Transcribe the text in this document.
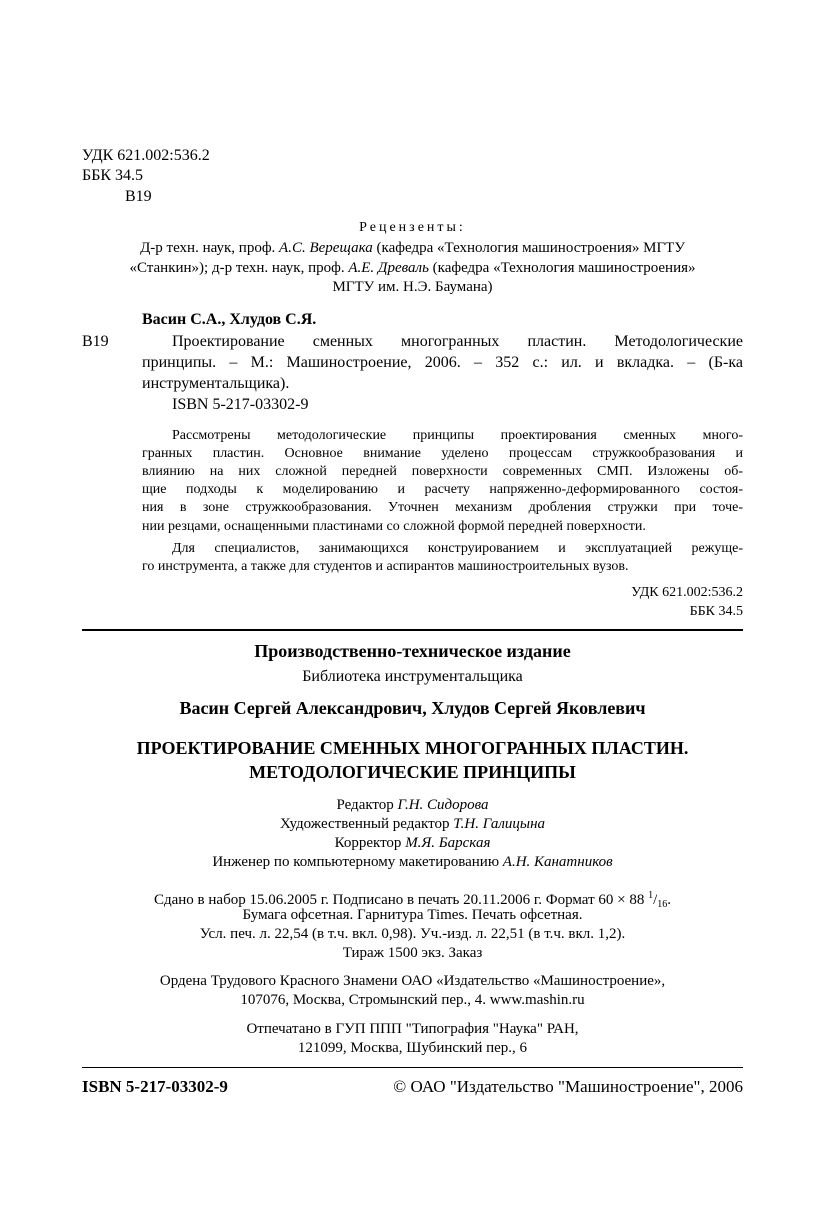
УДК 621.002:536.2
ББК 34.5
В19
Рецензенты:
Д-р техн. наук, проф. А.С. Верещака (кафедра «Технология машиностроения» МГТУ
«Станкин»); д-р техн. наук, проф. А.Е. Древаль (кафедра «Технология машиностроения»
МГТУ им. Н.Э. Баумана)
Васин С.А., Хлудов С.Я.
В19	Проектирование сменных многогранных пластин. Методологические
принципы. – М.: Машиностроение, 2006. – 352 с.: ил. и вкладка. – (Б-ка
инструментальщика).
ISBN 5-217-03302-9
Рассмотрены методологические принципы проектирования сменных много-
гранных пластин. Основное внимание уделено процессам стружкообразования и
влиянию на них сложной передней поверхности современных СМП. Изложены об-
щие подходы к моделированию и расчету напряженно-деформированного состоя-
ния в зоне стружкообразования. Уточнен механизм дробления стружки при точе-
нии резцами, оснащенными пластинами со сложной формой передней поверхности.
Для специалистов, занимающихся конструированием и эксплуатацией режуще-
го инструмента, а также для студентов и аспирантов машиностроительных вузов.
УДК 621.002:536.2
ББК 34.5
Производственно-техническое издание
Библиотека инструментальщика
Васин Сергей Александрович, Хлудов Сергей Яковлевич
ПРОЕКТИРОВАНИЕ СМЕННЫХ МНОГОГРАННЫХ ПЛАСТИН.
МЕТОДОЛОГИЧЕСКИЕ ПРИНЦИПЫ
Редактор Г.Н. Сидорова
Художественный редактор Т.Н. Галицына
Корректор М.Я. Барская
Инженер по компьютерному макетированию А.Н. Канатников
Сдано в набор 15.06.2005 г. Подписано в печать 20.11.2006 г. Формат 60 × 88 $^1/_{16}$.
Бумага офсетная. Гарнитура Times. Печать офсетная.
Усл. печ. л. 22,54 (в т.ч. вкл. 0,98). Уч.-изд. л. 22,51 (в т.ч. вкл. 1,2).
Тираж 1500 экз. Заказ
Ордена Трудового Красного Знамени ОАО «Издательство «Машиностроение»,
107076, Москва, Стромынский пер., 4. www.mashin.ru
Отпечатано в ГУП ППП "Типография "Наука" РАН,
121099, Москва, Шубинский пер., 6
ISBN 5-217-03302-9	© ОАО "Издательство "Машиностроение", 2006
